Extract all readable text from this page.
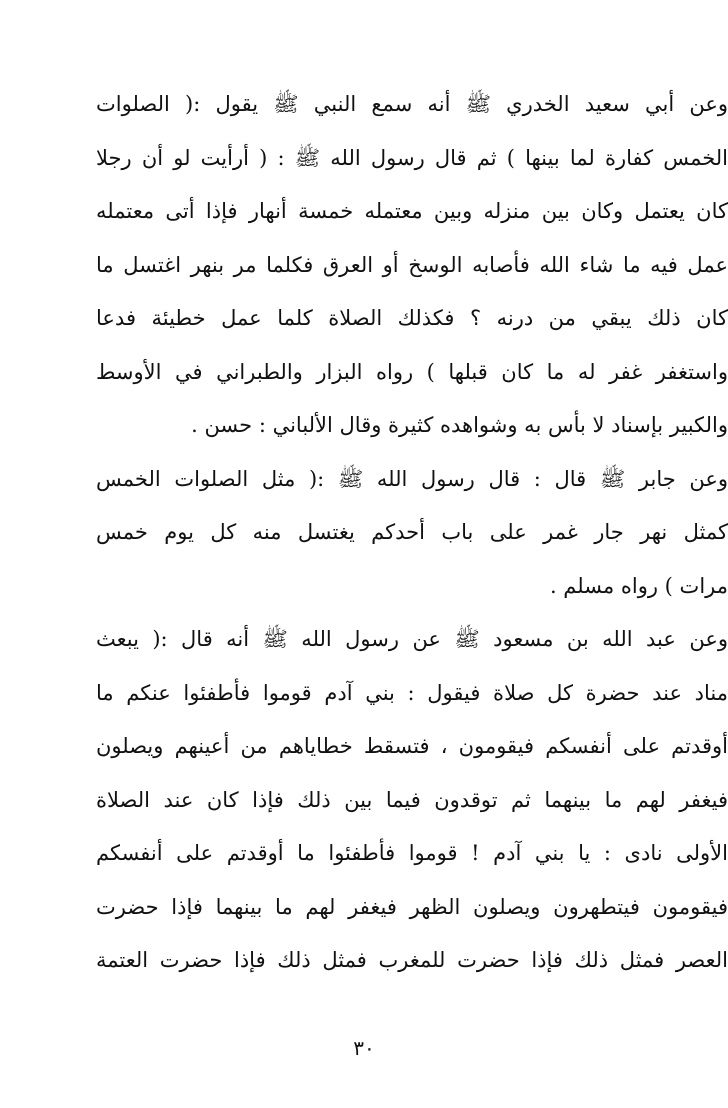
وعن أبي سعيد الخدري ﷺ أنه سمع النبي ﷺ يقول :( الصلوات
الخمس كفارة لما بينها ) ثم قال رسول الله ﷺ : ( أرأيت لو أن رجلا
كان يعتمل وكان بين منزله وبين معتمله خمسة أنهار فإذا أتى معتمله
عمل فيه ما شاء الله فأصابه الوسخ أو العرق فكلما مر بنهر اغتسل ما
كان ذلك يبقي من درنه ؟ فكذلك الصلاة كلما عمل خطيئة فدعا
واستغفر غفر له ما كان قبلها ) رواه البزار والطبراني في الأوسط
والكبير بإسناد لا بأس به وشواهده كثيرة وقال الألباني : حسن .
وعن جابر ﷺ قال : قال رسول الله ﷺ :( مثل الصلوات الخمس
كمثل نهر جار غمر على باب أحدكم يغتسل منه كل يوم خمس
مرات ) رواه مسلم .
وعن عبد الله بن مسعود ﷺ عن رسول الله ﷺ أنه قال :( يبعث
مناد عند حضرة كل صلاة فيقول : بني آدم قوموا فأطفئوا عنكم ما
أوقدتم على أنفسكم فيقومون ، فتسقط خطاياهم من أعينهم ويصلون
فيغفر لهم ما بينهما ثم توقدون فيما بين ذلك فإذا كان عند الصلاة
الأولى نادى : يا بني آدم ! قوموا فأطفئوا ما أوقدتم على أنفسكم
فيقومون فيتطهرون ويصلون الظهر فيغفر لهم ما بينهما فإذا حضرت
العصر فمثل ذلك فإذا حضرت للمغرب فمثل ذلك فإذا حضرت العتمة
٣٠
